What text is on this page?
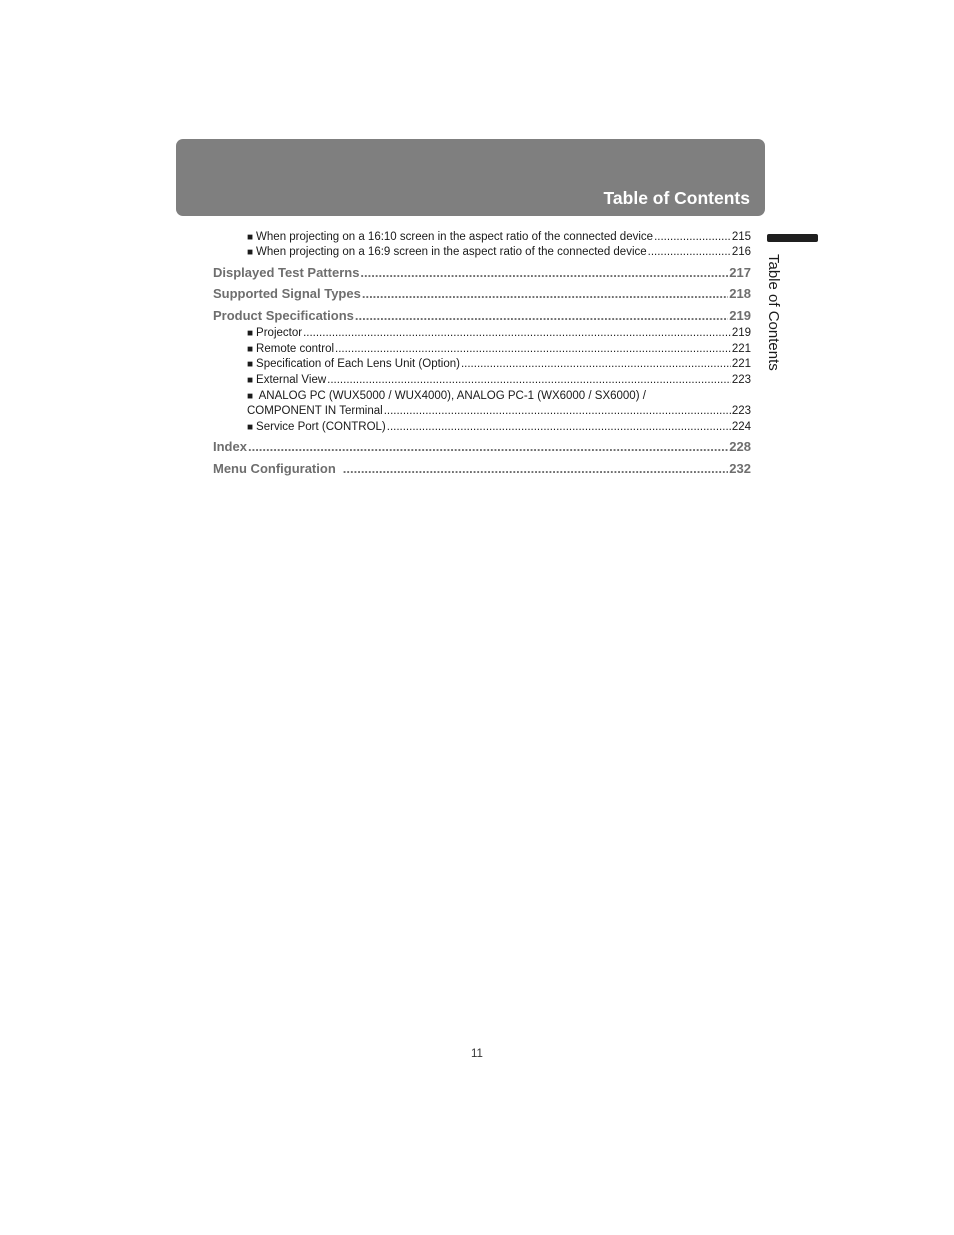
Table of Contents
Table of Contents
■ When projecting on a 16:10 screen in the aspect ratio of the connected device .....	215
■ When projecting on a 16:9 screen in the aspect ratio of the connected device .....	216
Displayed Test Patterns .....	217
Supported Signal Types .....	218
Product Specifications .....	219
■ Projector .....	219
■ Remote control .....	221
■ Specification of Each Lens Unit (Option) .....	221
■ External View .....	223
■ ANALOG PC (WUX5000 / WUX4000), ANALOG PC-1 (WX6000 / SX6000) /
COMPONENT IN Terminal .....	223
■ Service Port (CONTROL) .....	224
Index .....	228
Menu Configuration .....	232
11
